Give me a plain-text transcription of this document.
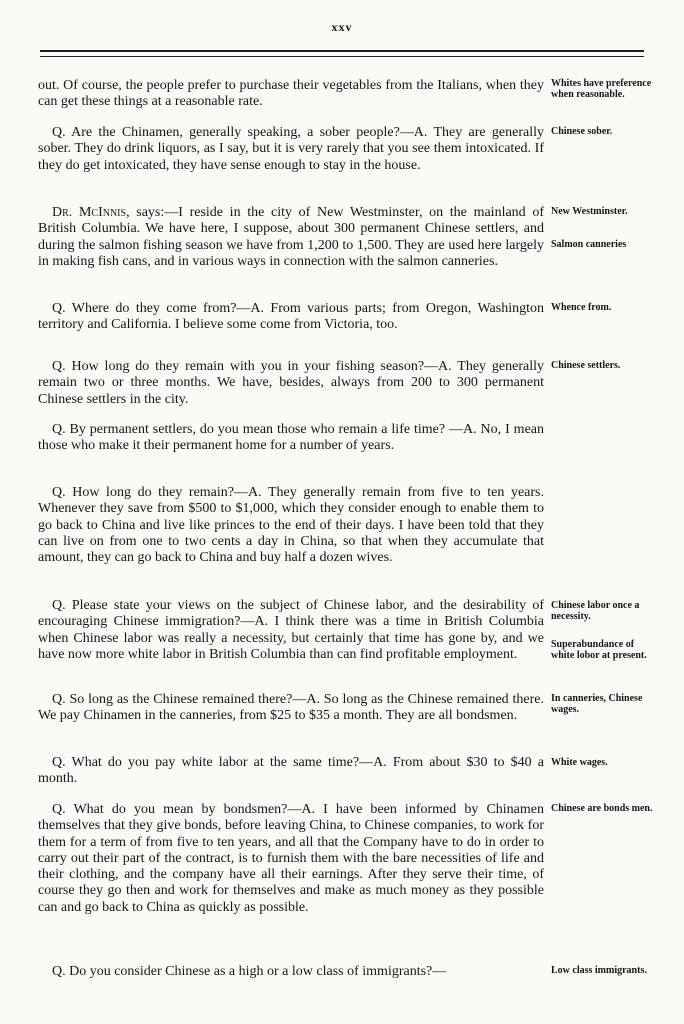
xxv

out. Of course, the people prefer to purchase their vegetables from the Italians, when they can get these things at a reasonable rate.

Q. Are the Chinamen, generally speaking, a sober people?—A. They are generally sober. They do drink liquors, as I say, but it is very rarely that you see them intoxicated. If they do get intoxicated, they have sense enough to stay in the house.

Dr. McInnis, says:—I reside in the city of New Westminster, on the mainland of British Columbia. We have here, I suppose, about 300 permanent Chinese settlers, and during the salmon fishing season we have from 1,200 to 1,500. They are used here largely in making fish cans, and in various ways in connection with the salmon canneries.

Q. Where do they come from?—A. From various parts; from Oregon, Washington territory and California. I believe some come from Victoria, too.

Q. How long do they remain with you in your fishing season?—A. They generally remain two or three months. We have, besides, always from 200 to 300 permanent Chinese settlers in the city.

Q. By permanent settlers, do you mean those who remain a life time? —A. No, I mean those who make it their permanent home for a number of years.

Q. How long do they remain?—A. They generally remain from five to ten years. Whenever they save from $500 to $1,000, which they consider enough to enable them to go back to China and live like princes to the end of their days. I have been told that they can live on from one to two cents a day in China, so that when they accumulate that amount, they can go back to China and buy half a dozen wives.

Q. Please state your views on the subject of Chinese labor, and the desirability of encouraging Chinese immigration?—A. I think there was a time in British Columbia when Chinese labor was really a necessity, but certainly that time has gone by, and we have now more white labor in British Columbia than can find profitable employment.

Q. So long as the Chinese remained there?—A. So long as the Chinese remained there. We pay Chinamen in the canneries, from $25 to $35 a month. They are all bondsmen.

Q. What do you pay white labor at the same time?—A. From about $30 to $40 a month.

Q. What do you mean by bondsmen?—A. I have been informed by Chinamen themselves that they give bonds, before leaving China, to Chinese companies, to work for them for a term of from five to ten years, and all that the Company have to do in order to carry out their part of the contract, is to furnish them with the bare necessities of life and their clothing, and the company have all their earnings. After they serve their time, of course they go then and work for themselves and make as much money as they possible can and go back to China as quickly as possible.

Q. Do you consider Chinese as a high or a low class of immigrants?—

Whites have preference when reasonable.
Chinese sober.
New Westminster.
Salmon canneries
Whence from.
Chinese settlers.
Chinese labor once a necessity.
Superabundance of white lobor at present.
In canneries, Chinese wages.
White wages.
Chinese are bonds men.
Low class immigrants.
